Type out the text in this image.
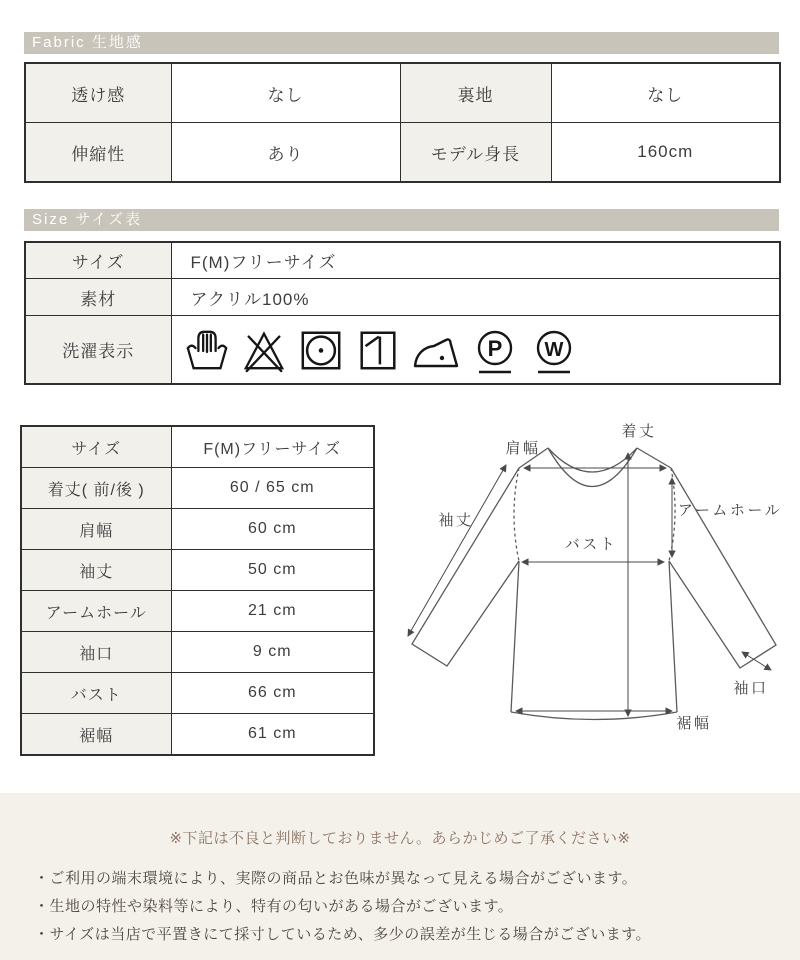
Fabric 生地感
透け感	なし	裏地	なし
伸縮性	あり	モデル身長	160cm
Size サイズ表
サイズ	F(M)フリーサイズ
素材	アクリル100%
洗濯表示	P W
サイズ	F(M)フリーサイズ
着丈( 前/後 )	60 / 65 cm
肩幅	60 cm
袖丈	50 cm
アームホール	21 cm
袖口	9 cm
バスト	66 cm
裾幅	61 cm
肩幅
着丈
袖丈
バスト
アームホール
袖口
裾幅
※下記は不良と判断しておりません。あらかじめご了承ください※
・ご利用の端末環境により、実際の商品とお色味が異なって見える場合がございます。
・生地の特性や染料等により、特有の匂いがある場合がございます。
・サイズは当店で平置きにて採寸しているため、多少の誤差が生じる場合がございます。
